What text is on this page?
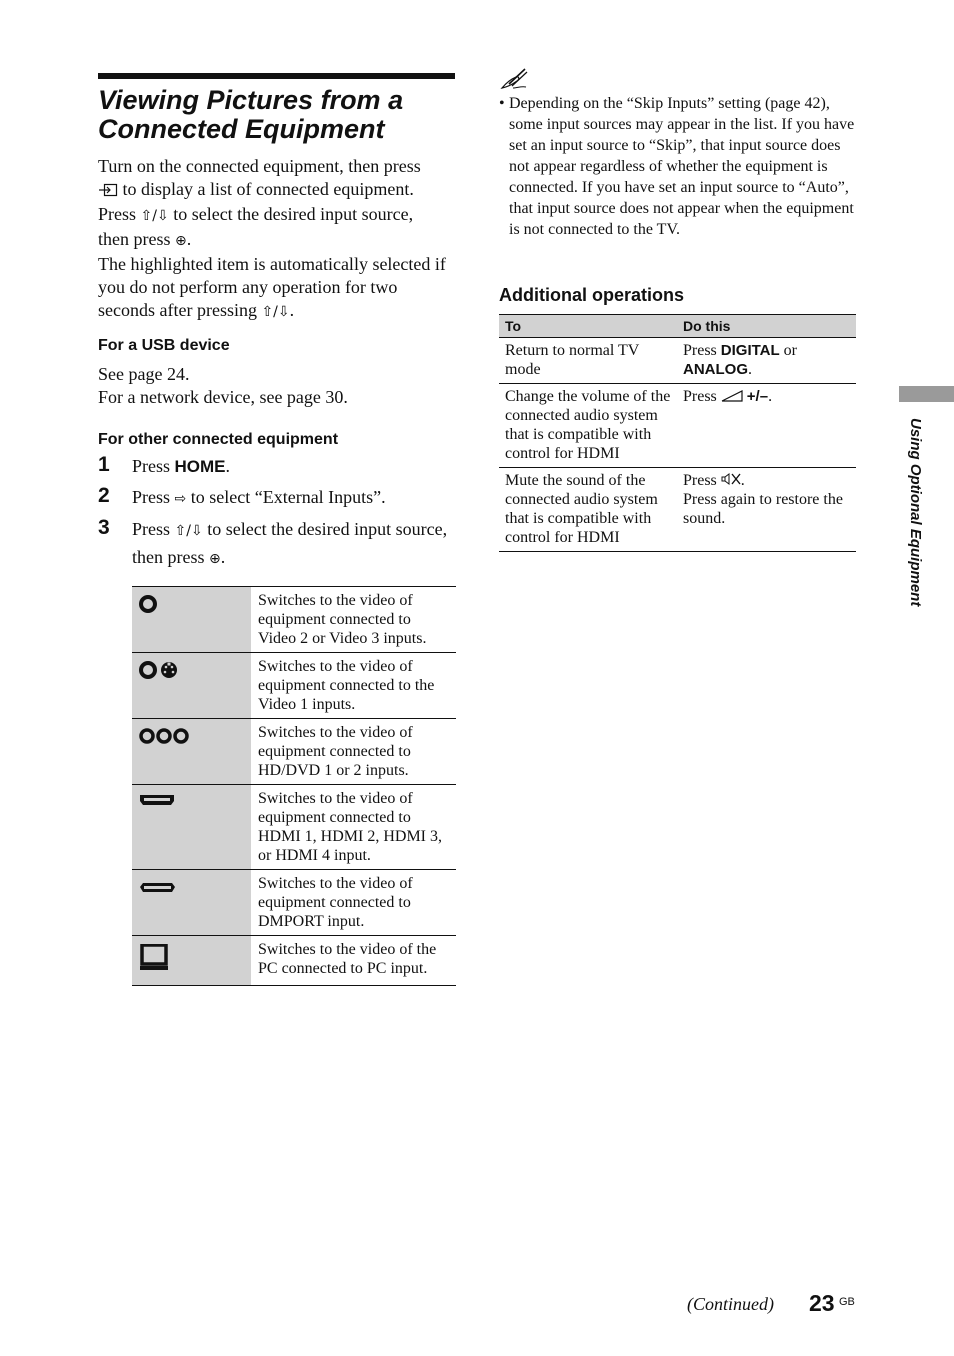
Viewing Pictures from a Connected Equipment

Turn on the connected equipment, then press
to display a list of connected equipment.
Press ⇧/⇩ to select the desired input source,
then press ⊕.

The highlighted item is automatically selected if you do not perform any operation for two seconds after pressing ⇧/⇩.

For a USB device

See page 24.

For a network device, see page 30.

For other connected equipment
1 Press HOME.
2 Press ⇨ to select “External Inputs”.
3 Press ⇧/⇩ to select the desired input source, then press ⊕.
	Switches to the video of equipment connected to Video 2 or Video 3 inputs.
	Switches to the video of equipment connected to the Video 1 inputs.
	Switches to the video of equipment connected to HD/DVD 1 or 2 inputs.
	Switches to the video of equipment connected to HDMI 1, HDMI 2, HDMI 3, or HDMI 4 input.
	Switches to the video of equipment connected to DMPORT input.
	Switches to the video of the PC connected to PC input.
• Depending on the “Skip Inputs” setting (page 42), some input sources may appear in the list. If you have set an input source to “Skip”, that input source does not appear regardless of whether the equipment is connected. If you have set an input source to “Auto”, that input source does not appear when the equipment is not connected to the TV.
Additional operations
To	Do this
Return to normal TV mode	Press DIGITAL or
ANALOG.
Change the volume of the connected audio system that is compatible with control for HDMI	Press +/–.
Mute the sound of the connected audio system that is compatible with control for HDMI	Press .
Press again to restore the sound.	Using Optional Equipment
(Continued) 23 GB
